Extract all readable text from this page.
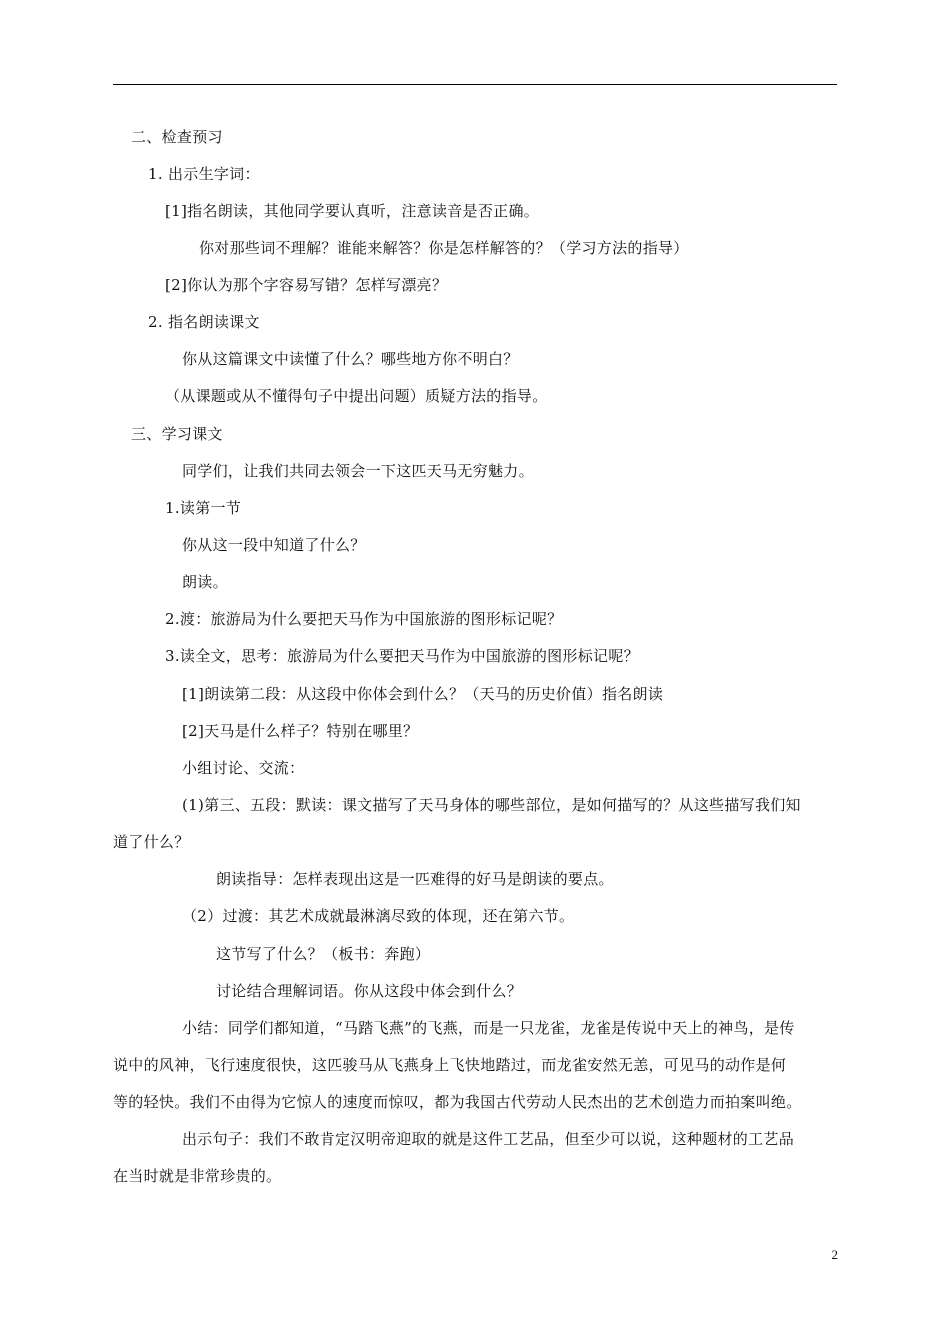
二、检查预习
1. 出示生字词：
[1]指名朗读，其他同学要认真听，注意读音是否正确。
你对那些词不理解？谁能来解答？你是怎样解答的？（学习方法的指导）
[2]你认为那个字容易写错？怎样写漂亮？
2. 指名朗读课文
你从这篇课文中读懂了什么？哪些地方你不明白？
（从课题或从不懂得句子中提出问题）质疑方法的指导。
三、学习课文
同学们，让我们共同去领会一下这匹天马无穷魅力。
1.读第一节
你从这一段中知道了什么？
朗读。
2.渡：旅游局为什么要把天马作为中国旅游的图形标记呢？
3.读全文，思考：旅游局为什么要把天马作为中国旅游的图形标记呢？
[1]朗读第二段：从这段中你体会到什么？（天马的历史价值）指名朗读
[2]天马是什么样子？特别在哪里？
小组讨论、交流：
(1)第三、五段：默读：课文描写了天马身体的哪些部位，是如何描写的？从这些描写我们知
道了什么？
朗读指导：怎样表现出这是一匹难得的好马是朗读的要点。
（2）过渡：其艺术成就最淋漓尽致的体现，还在第六节。
这节写了什么？（板书：奔跑）
讨论结合理解词语。你从这段中体会到什么？
小结：同学们都知道，“马踏飞燕”的飞燕，而是一只龙雀，龙雀是传说中天上的神鸟，是传
说中的风神，飞行速度很快，这匹骏马从飞燕身上飞快地踏过，而龙雀安然无恙，可见马的动作是何
等的轻快。我们不由得为它惊人的速度而惊叹，都为我国古代劳动人民杰出的艺术创造力而拍案叫绝。
出示句子：我们不敢肯定汉明帝迎取的就是这件工艺品，但至少可以说，这种题材的工艺品
在当时就是非常珍贵的。
2
